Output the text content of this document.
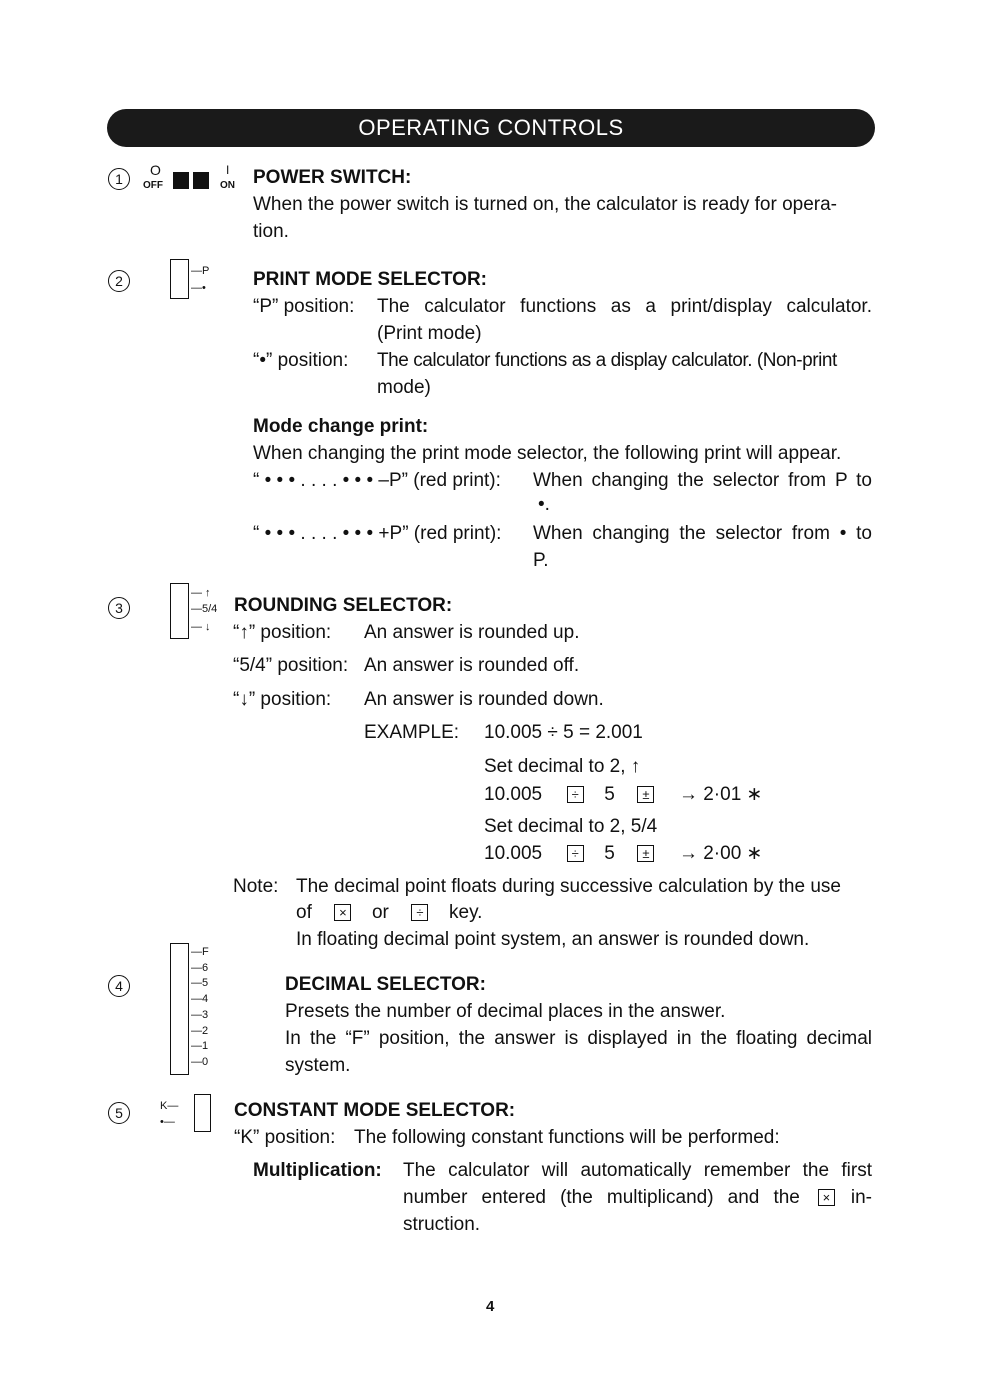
OPERATING CONTROLS
1
O
OFF
I
ON POWER SWITCH:
When the power switch is turned on, the calculator is ready for opera-
tion.
2
—P
—• PRINT MODE SELECTOR:
“P” position: The calculator functions as a print/display calculator.
(Print mode)
“•” position: The calculator functions as a display calculator. (Non-print
mode)
Mode change print:
When changing the print mode selector, the following print will appear.
“ • • • . . . . • • • –P” (red print): When changing the selector from P to
•.
“ • • • . . . . • • • +P” (red print): When changing the selector from • to
P.
3
— ↑
—5/4
— ↓
ROUNDING SELECTOR:
“↑” position: An answer is rounded up.
“5/4” position: An answer is rounded off.
“↓” position: An answer is rounded down.
EXAMPLE: 10.005 ÷ 5 = 2.001
Set decimal to 2, ↑
10.005 ÷ 5 ± → 2·01 ∗
Set decimal to 2, 5/4
10.005 ÷ 5 ± → 2·00 ∗
Note: The decimal point floats during successive calculation by the use
of × or ÷ key.
In floating decimal point system, an answer is rounded down.
4
—F
—6
—5
—4
—3
—2
—1
—0
DECIMAL SELECTOR:
Presets the number of decimal places in the answer.
In the “F” position, the answer is displayed in the floating decimal
system.
5	K—
•—
CONSTANT MODE SELECTOR:
“K” position: The following constant functions will be performed:
Multiplication: The calculator will automatically remember the first
number entered (the multiplicand) and the	× in-
struction.
4
